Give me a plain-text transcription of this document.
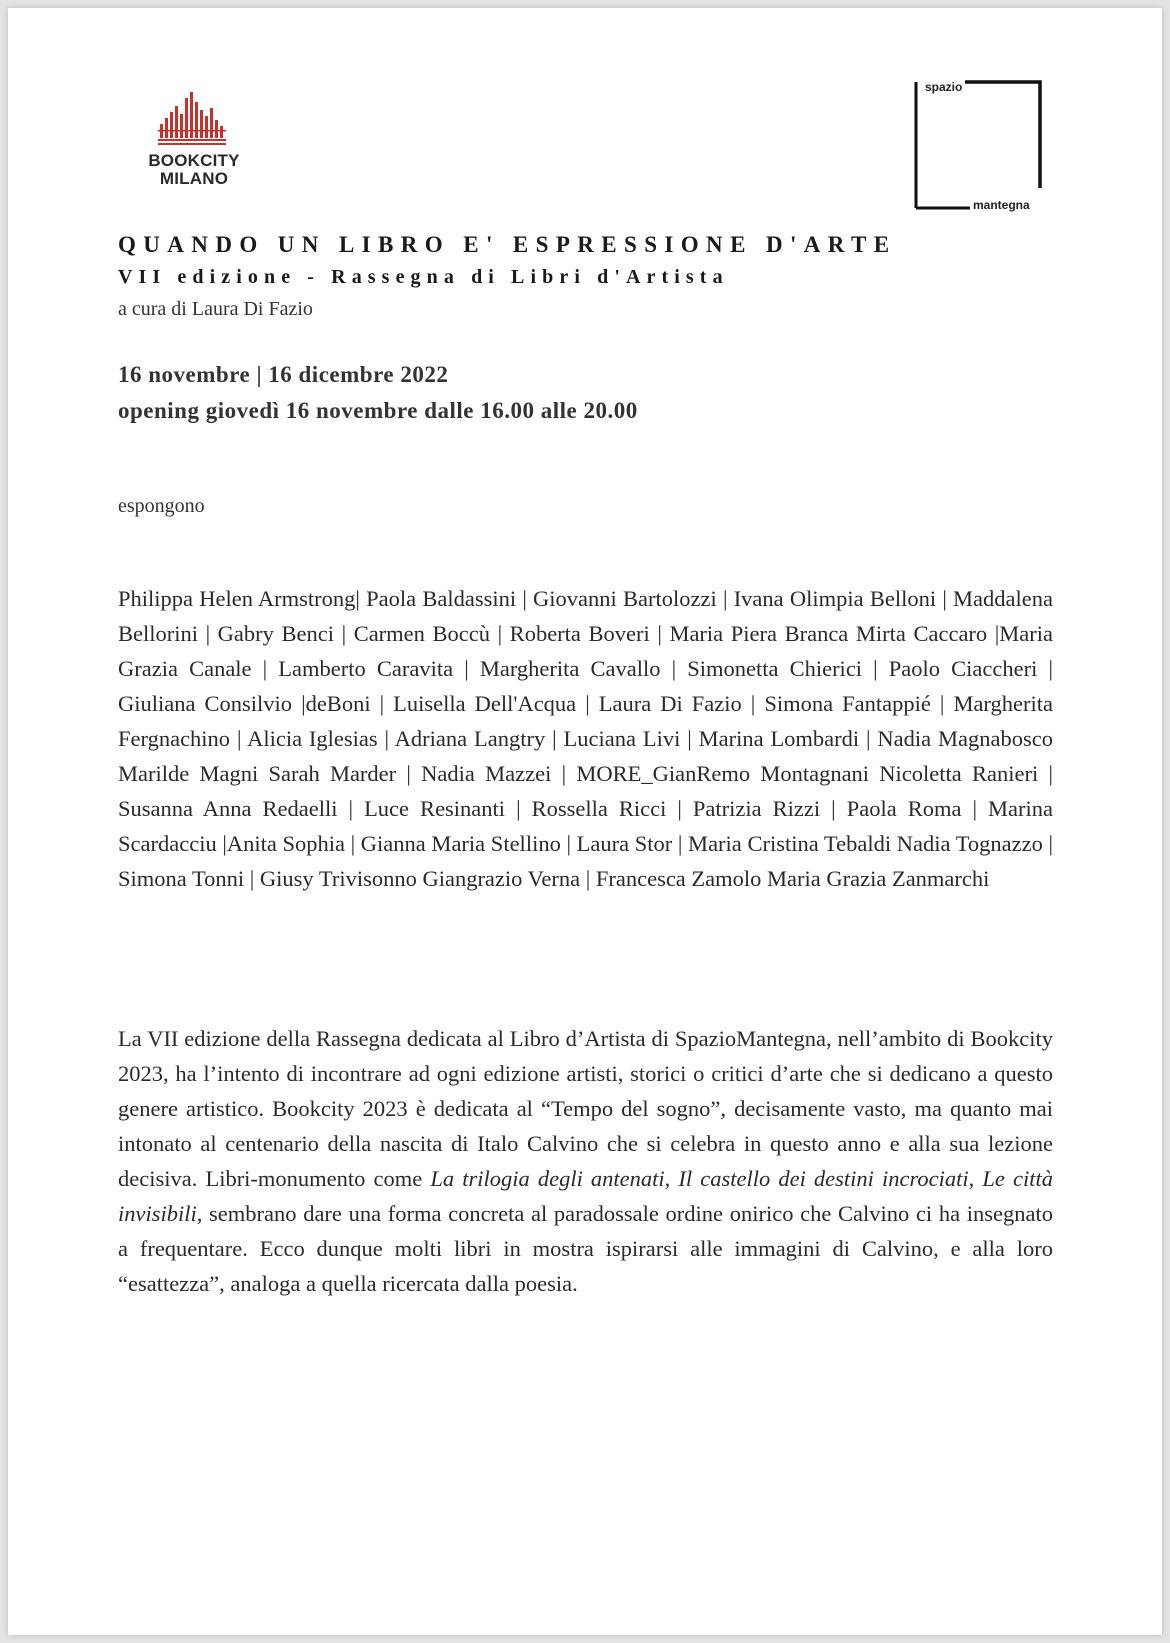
BOOKCITY
MILANO
spazio
mantegna
QUANDO UN LIBRO E' ESPRESSIONE D'ARTE
VII edizione - Rassegna di Libri d'Artista
a cura di Laura Di Fazio
16 novembre | 16 dicembre 2022
opening giovedì 16 novembre dalle 16.00 alle 20.00
espongono
Philippa Helen Armstrong| Paola Baldassini | Giovanni Bartolozzi | Ivana Olimpia Belloni | Maddalena Bellorini | Gabry Benci | Carmen Boccù | Roberta Boveri | Maria Piera Branca Mirta Caccaro |Maria Grazia Canale | Lamberto Caravita | Margherita Cavallo | Simonetta Chierici | Paolo Ciaccheri | Giuliana Consilvio |deBoni | Luisella Dell'Acqua | Laura Di Fazio | Simona Fantappié | Margherita Fergnachino | Alicia Iglesias | Adriana Langtry | Luciana Livi | Marina Lombardi | Nadia Magnabosco Marilde Magni Sarah Marder | Nadia Mazzei | MORE_GianRemo Montagnani Nicoletta Ranieri | Susanna Anna Redaelli | Luce Resinanti | Rossella Ricci | Patrizia Rizzi | Paola Roma | Marina Scardacciu |Anita Sophia | Gianna Maria Stellino | Laura Stor | Maria Cristina Tebaldi Nadia Tognazzo | Simona Tonni | Giusy Trivisonno Giangrazio Verna | Francesca Zamolo Maria Grazia Zanmarchi
La VII edizione della Rassegna dedicata al Libro d’Artista di SpazioMantegna, nell’ambito di Bookcity 2023, ha l’intento di incontrare ad ogni edizione artisti, storici o critici d’arte che si dedicano a questo genere artistico. Bookcity 2023 è dedicata al “Tempo del sogno”, decisamente vasto, ma quanto mai intonato al centenario della nascita di Italo Calvino che si celebra in questo anno e alla sua lezione decisiva. Libri-monumento come La trilogia degli antenati, Il castello dei destini incrociati, Le città invisibili, sembrano dare una forma concreta al paradossale ordine onirico che Calvino ci ha insegnato a frequentare. Ecco dunque molti libri in mostra ispirarsi alle immagini di Calvino, e alla loro “esattezza”, analoga a quella ricercata dalla poesia.
